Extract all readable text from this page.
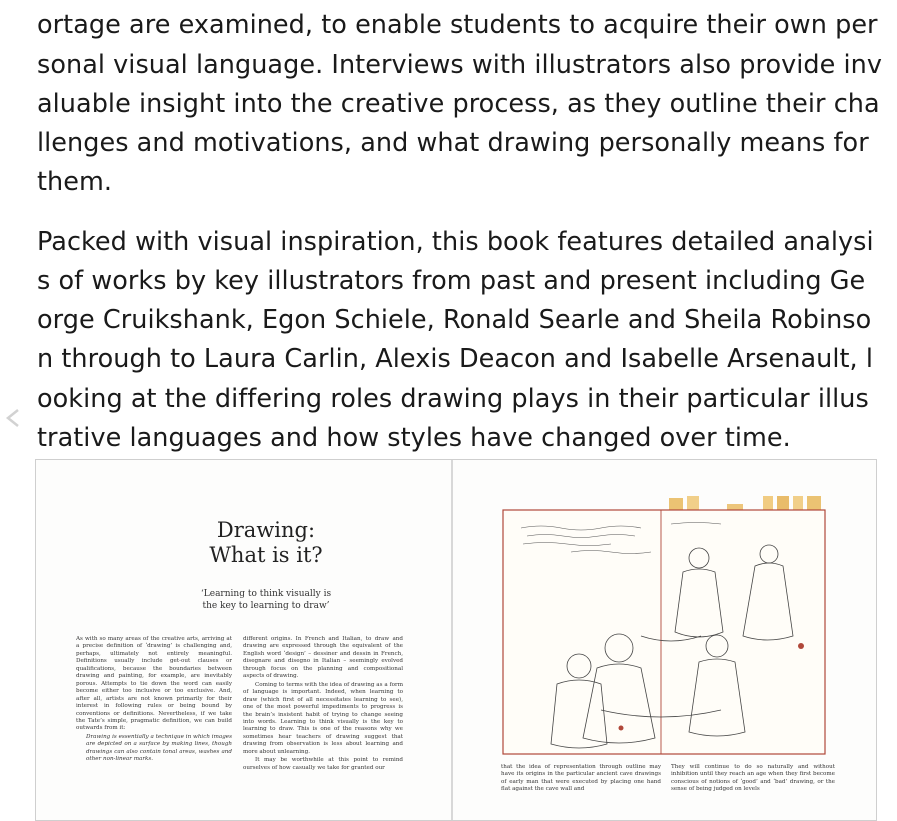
ortage are examined, to enable students to acquire their own per
sonal visual language. Interviews with illustrators also provide inv
aluable insight into the creative process, as they outline their cha
llenges and motivations, and what drawing personally means for
them.
Packed with visual inspiration, this book features detailed analysi
s of works by key illustrators from past and present including Ge
orge Cruikshank, Egon Schiele, Ronald Searle and Sheila Robinso
n through to Laura Carlin, Alexis Deacon and Isabelle Arsenault, l
ooking at the differing roles drawing plays in their particular illus
trative languages and how styles have changed over time.
Drawing:
What is it?
‘Learning to think visually is
the key to learning to draw’

As with so many areas of the creative arts, arriving at a precise definition of ‘drawing’ is challenging and, perhaps, ultimately not entirely meaningful. Definitions usually include get-out clauses or qualifications, because the boundaries between drawing and painting, for example, are inevitably porous. Attempts to tie down the word can easily become either too inclusive or too exclusive. And, after all, artists are not known primarily for their interest in following rules or being bound by conventions or definitions. Nevertheless, if we take the Tate’s simple, pragmatic definition, we can build outwards from it:

Drawing is essentially a technique in which images are depicted on a surface by making lines, though drawings can also contain tonal areas, washes and other non-linear marks.

different origins. In French and Italian, to draw and drawing are expressed through the equivalent of the English word ‘design’ – dessiner and dessin in French, disegnare and disegno in Italian – seemingly evolved through focus on the planning and compositional aspects of drawing.

Coming to terms with the idea of drawing as a form of language is important. Indeed, when learning to draw (which first of all necessitates learning to see), one of the most powerful impediments to progress is the brain’s insistent habit of trying to change seeing into words. Learning to think visually is the key to learning to draw. This is one of the reasons why we sometimes hear teachers of drawing suggest that drawing from observation is less about learning and more about unlearning.

It may be worthwhile at this point to remind ourselves of how casually we take for granted our	that the idea of representation through outline may have its origins in the particular ancient cave drawings of early man that were executed by placing one hand flat against the cave wall and

They will continue to do so naturally and without inhibition until they reach an age when they first become conscious of notions of ‘good’ and ‘bad’ drawing, or the sense of being judged on levels
